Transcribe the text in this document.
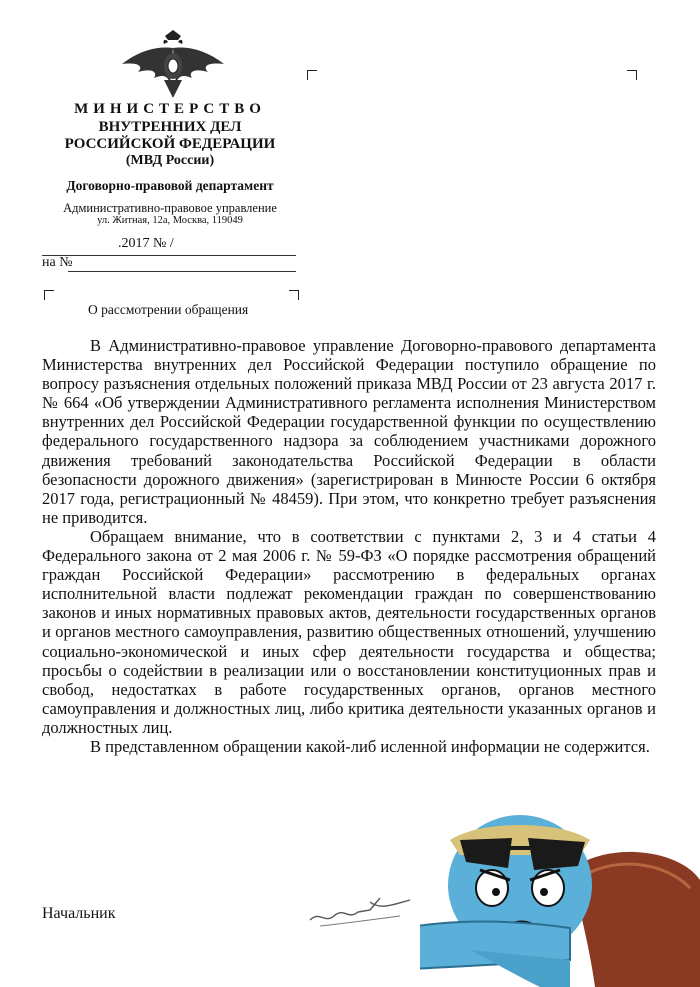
МИНИСТЕРСТВО
ВНУТРЕННИХ ДЕЛ
РОССИЙСКОЙ ФЕДЕРАЦИИ
(МВД России)
Договорно-правовой департамент
Административно-правовое управление
ул. Житная, 12а, Москва, 119049
.2017 № /
на №
О рассмотрении обращения

В Административно-правовое управление Договорно-правового департамента Министерства внутренних дел Российской Федерации поступило обращение по вопросу разъяснения отдельных положений приказа МВД России от 23 августа 2017 г. № 664 «Об утверждении Административного регламента исполнения Министерством внутренних дел Российской Федерации государственной функции по осуществлению федерального государственного надзора за соблюдением участниками дорожного движения требований законодательства Российской Федерации в области безопасности дорожного движения» (зарегистрирован в Минюсте России 6 октября 2017 года, регистрационный № 48459). При этом, что конкретно требует разъяснения не приводится.

Обращаем внимание, что в соответствии с пунктами 2, 3 и 4 статьи 4 Федерального закона от 2 мая 2006 г. № 59-ФЗ «О порядке рассмотрения обращений граждан Российской Федерации» рассмотрению в федеральных органах исполнительной власти подлежат рекомендации граждан по совершенствованию законов и иных нормативных правовых актов, деятельности государственных органов и органов местного самоуправления, развитию общественных отношений, улучшению социально-экономической и иных сфер деятельности государства и общества; просьбы о содействии в реализации или о восстановлении конституционных прав и свобод, недостатках в работе государственных органов, органов местного самоуправления и должностных лиц, либо критика деятельности указанных органов и должностных лиц.

В представленном обращении какой-либ исленной информации не содержится.

Начальник
